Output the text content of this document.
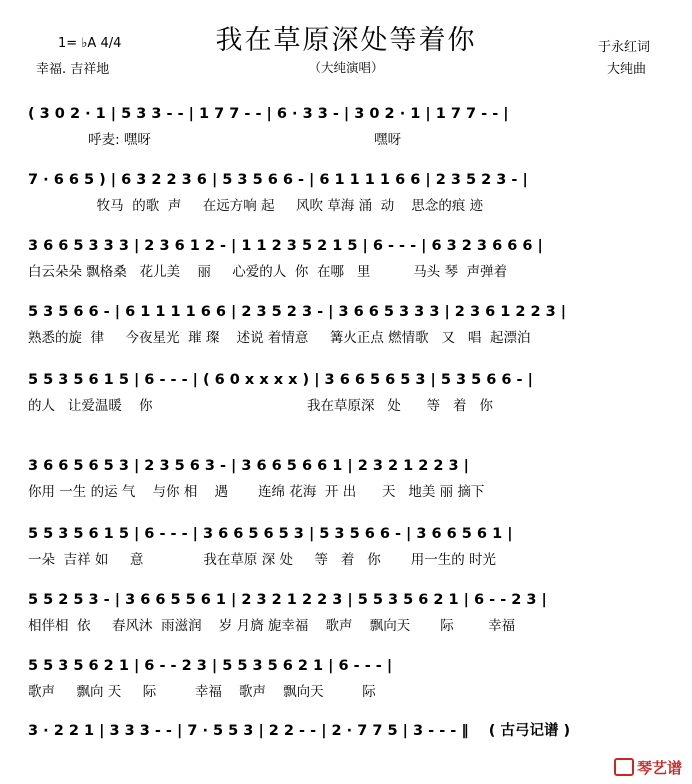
1= ♭A 4/4	我在草原深处等着你
（大纯演唱）
于永红词
幸福. 吉祥地	大纯曲
( 3 0 2 · 1 | 5 3 3 - - | 1 7 7 - - | 6 · 3 3 - | 3 0 2 · 1 | 1 7 7 - - |
呼麦: 嘿呀                                                    嘿呀
7 · 6 6 5 ) | 6 3 2 2 3 6 | 5 3 5 6 6 - | 6 1 1 1 1 6 6 | 2 3 5 2 3 - |
牧马  的歌  声     在远方响 起     风吹 草海 涌  动    思念的痕 迹
3 6 6 5 3 3 3 | 2 3 6 1 2 - | 1 1 2 3 5 2 1 5 | 6 - - - | 6 3 2 3 6 6 6 |
白云朵朵 飘格桑   花儿美    丽     心爱的人  你  在哪   里          马头 琴  声弹着
5 3 5 6 6 - | 6 1 1 1 1 6 6 | 2 3 5 2 3 - | 3 6 6 5 3 3 3 | 2 3 6 1 2 2 3 |
熟悉的旋  律     今夜星光  璀 璨    述说 着情意     篝火正点 燃情歌   又   唱  起漂泊
5 5 3 5 6 1 5 | 6 - - - | ( 6 0 x x x x ) | 3 6 6 5 6 5 3 | 5 3 5 6 6 - |
的人   让爱温暖    你                                    我在草原深   处      等   着   你
3 6 6 5 6 5 3 | 2 3 5 6 3 - | 3 6 6 5 6 6 1 | 2 3 2 1 2 2 3 |
你用 一生 的运 气    与你 相    遇       连绵 花海  开 出      天   地美 丽 摘下
5 5 3 5 6 1 5 | 6 - - - | 3 6 6 5 6 5 3 | 5 3 5 6 6 - | 3 6 6 5 6 1 |
一朵  吉祥 如     意              我在草原 深 处     等   着   你       用一生的 时光
5 5 2 5 3 - | 3 6 6 5 5 6 1 | 2 3 2 1 2 2 3 | 5 5 3 5 6 2 1 | 6 - - 2 3 |
相伴相  依     春风沐  雨滋润    岁 月旖 旎幸福    歌声    飘向天       际        幸福
5 5 3 5 6 2 1 | 6 - - 2 3 | 5 5 3 5 6 2 1 | 6 - - - |
歌声     飘向 天     际         幸福    歌声    飘向天         际
3 · 2 2 1 | 3 3 3 - - | 7 · 5 5 3 | 2 2 - - | 2 · 7 7 5 | 3 - - - ‖    ( 古弓记谱 )
琴艺谱
